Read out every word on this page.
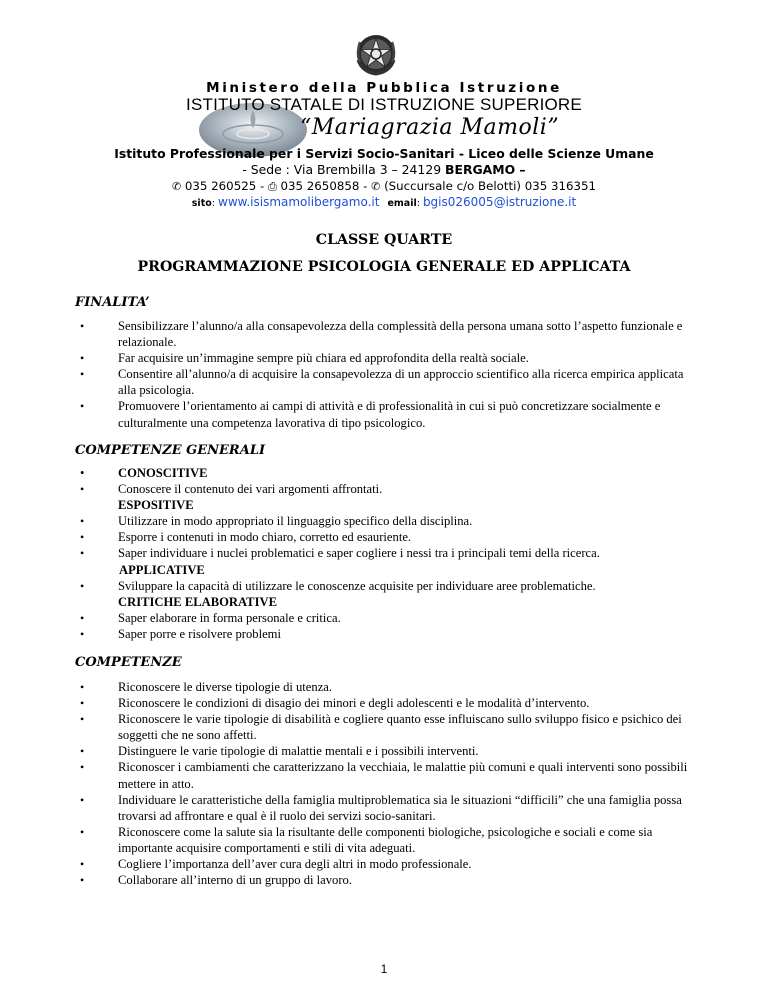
Ministero della Pubblica Istruzione
ISTITUTO STATALE DI ISTRUZIONE SUPERIORE
“Mariagrazia Mamoli”
Istituto Professionale per i Servizi Socio-Sanitari - Liceo delle Scienze Umane
- Sede : Via Brembilla 3 – 24129 BERGAMO –
✆ 035 260525 - ⎙ 035 2650858 - ✆ (Succursale c/o Belotti) 035 316351
sito: www.isismamolibergamo.it email: bgis026005@istruzione.it
CLASSE QUARTE
PROGRAMMAZIONE PSICOLOGIA GENERALE ED APPLICATA
FINALITA’
• Sensibilizzare l’alunno/a alla consapevolezza della complessità della persona umana sotto l’aspetto funzionale e relazionale.
• Far acquisire un’immagine sempre più chiara ed approfondita della realtà sociale.
• Consentire all’alunno/a di acquisire la consapevolezza di un approccio scientifico alla ricerca empirica applicata alla psicologia.
• Promuovere l’orientamento ai campi di attività e di professionalità in cui si può concretizzare socialmente e culturalmente una competenza lavorativa di tipo psicologico.
COMPETENZE GENERALI
•	CONOSCITIVE
• Conoscere il contenuto dei vari argomenti affrontati.
ESPOSITIVE
• Utilizzare in modo appropriato il linguaggio specifico della disciplina.
• Esporre i contenuti in modo chiaro, corretto ed esauriente.
• Saper individuare i nuclei problematici e saper cogliere i nessi tra i principali temi della ricerca.
APPLICATIVE
• Sviluppare la capacità di utilizzare le conoscenze acquisite per individuare aree problematiche.
CRITICHE ELABORATIVE
• Saper elaborare in forma personale e critica.
• Saper porre e risolvere problemi
COMPETENZE
• Riconoscere le diverse tipologie di utenza.
• Riconoscere le condizioni di disagio dei minori e degli adolescenti e le modalità d’intervento.
• Riconoscere le varie tipologie di disabilità e cogliere quanto esse influiscano sullo sviluppo fisico e psichico dei soggetti che ne sono affetti.
• Distinguere le varie tipologie di malattie mentali e i possibili interventi.
• Riconoscer i cambiamenti che caratterizzano la vecchiaia, le malattie più comuni e quali interventi sono possibili mettere in atto.
• Individuare le caratteristiche della famiglia multiproblematica sia le situazioni “difficili” che una famiglia possa trovarsi ad affrontare e qual è il ruolo dei servizi socio-sanitari.
• Riconoscere come la salute sia la risultante delle componenti biologiche, psicologiche e sociali e come sia importante acquisire comportamenti e stili di vita adeguati.
• Cogliere l’importanza dell’aver cura degli altri in modo professionale.
• Collaborare all’interno di un gruppo di lavoro.
1
